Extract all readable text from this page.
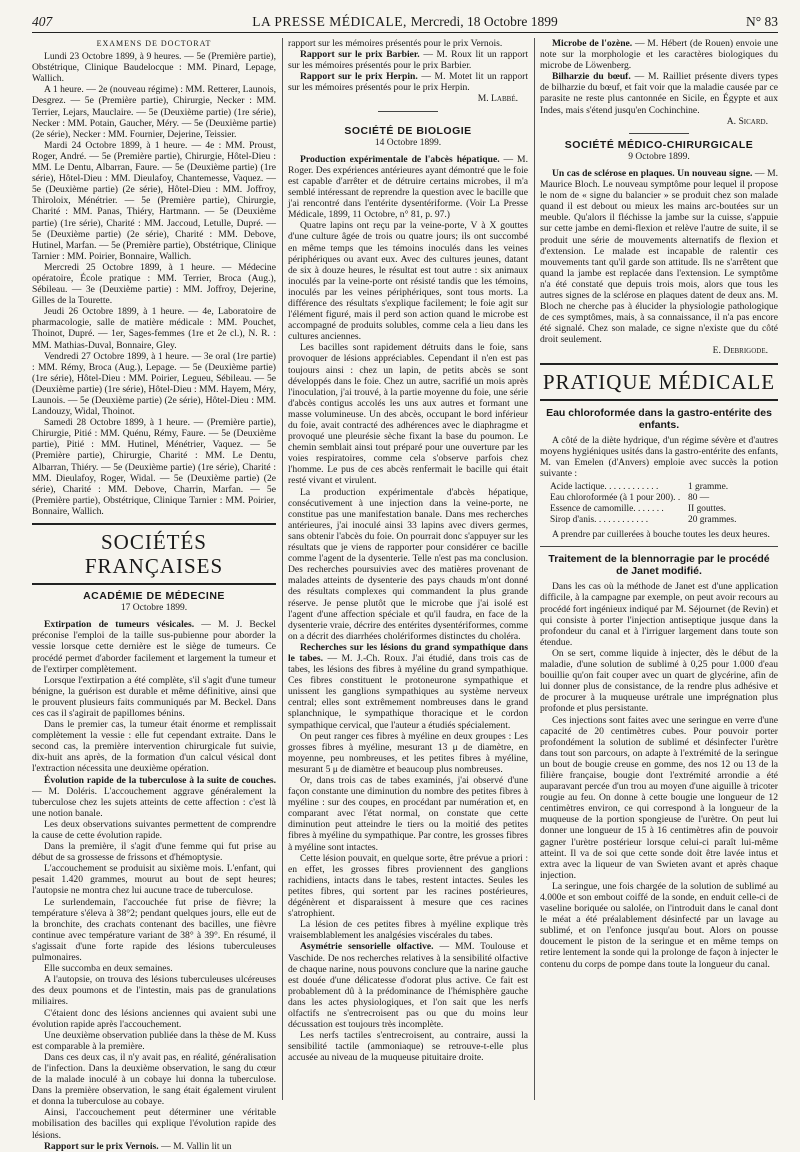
407	LA PRESSE MÉDICALE, Mercredi, 18 Octobre 1899	N° 83
EXAMENS DE DOCTORAT

Lundi 23 Octobre 1899, à 9 heures. — 5e (Première partie), Obstétrique, Clinique Baudelocque : MM. Pinard, Lepage, Wallich.

A 1 heure. — 2e (nouveau régime) : MM. Retterer, Launois, Desgrez. — 5e (Première partie), Chirurgie, Necker : MM. Terrier, Lejars, Mauclaire. — 5e (Deuxième partie) (1re série), Necker : MM. Potain, Gaucher, Méry. — 5e (Deuxième partie) (2e série), Necker : MM. Fournier, Dejerine, Teissier.

Mardi 24 Octobre 1899, à 1 heure. — 4e : MM. Proust, Roger, André. — 5e (Première partie), Chirurgie, Hôtel-Dieu : MM. Le Dentu, Albarran, Faure. — 5e (Deuxième partie) (1re série), Hôtel-Dieu : MM. Dieulafoy, Chantemesse, Vaquez. — 5e (Deuxième partie) (2e série), Hôtel-Dieu : MM. Joffroy, Thiroloix, Ménétrier. — 5e (Première partie), Chirurgie, Charité : MM. Panas, Thiéry, Hartmann. — 5e (Deuxième partie) (1re série), Charité : MM. Jaccoud, Letulle, Dupré. — 5e (Deuxième partie) (2e série), Charité : MM. Debove, Hutinel, Marfan. — 5e (Première partie), Obstétrique, Clinique Tarnier : MM. Poirier, Bonnaire, Wallich.

Mercredi 25 Octobre 1899, à 1 heure. — Médecine opératoire, École pratique : MM. Terrier, Broca (Aug.), Sébileau. — 3e (Deuxième partie) : MM. Joffroy, Dejerine, Gilles de la Tourette.

Jeudi 26 Octobre 1899, à 1 heure. — 4e, Laboratoire de pharmacologie, salle de matière médicale : MM. Pouchet, Thoinot, Dupré. — 1er, Sages-femmes (1re et 2e cl.), N. R. : MM. Mathias-Duval, Bonnaire, Gley.

Vendredi 27 Octobre 1899, à 1 heure. — 3e oral (1re partie) : MM. Rémy, Broca (Aug.), Lepage. — 5e (Deuxième partie) (1re série), Hôtel-Dieu : MM. Poirier, Legueu, Sébileau. — 5e (Deuxième partie) (1re série), Hôtel-Dieu : MM. Hayem, Méry, Launois. — 5e (Deuxième partie) (2e série), Hôtel-Dieu : MM. Landouzy, Widal, Thoinot.

Samedi 28 Octobre 1899, à 1 heure. — (Première partie), Chirurgie, Pitié : MM. Quénu, Rémy, Faure. — 5e (Deuxième partie), Pitié : MM. Hutinel, Ménétrier, Vaquez. — 5e (Première partie), Chirurgie, Charité : MM. Le Dentu, Albarran, Thiéry. — 5e (Deuxième partie) (1re série), Charité : MM. Dieulafoy, Roger, Widal. — 5e (Deuxième partie) (2e série), Charité : MM. Debove, Charrin, Marfan. — 5e (Première partie), Obstétrique, Clinique Tarnier : MM. Poirier, Bonnaire, Wallich.

SOCIÉTÉS FRANÇAISES
ACADÉMIE DE MÉDECINE
17 Octobre 1899.

Extirpation de tumeurs vésicales. — M. J. Beckel préconise l'emploi de la taille sus-pubienne pour aborder la vessie lorsque cette dernière est le siège de tumeurs. Ce procédé permet d'aborder facilement et largement la tumeur et de l'extirper complètement.

Lorsque l'extirpation a été complète, s'il s'agit d'une tumeur bénigne, la guérison est durable et même définitive, ainsi que le prouvent plusieurs faits communiqués par M. Beckel. Dans ces cas il s'agirait de papillomes bénins.

Dans le premier cas, la tumeur était énorme et remplissait complètement la vessie : elle fut cependant extraite. Dans le second cas, la première intervention chirurgicale fut suivie, dix-huit ans après, de la formation d'un calcul vésical dont l'extraction nécessita une deuxième opération.

Évolution rapide de la tuberculose à la suite de couches. — M. Doléris. L'accouchement aggrave généralement la tuberculose chez les sujets atteints de cette affection : c'est là une notion banale.

Les deux observations suivantes permettent de comprendre la cause de cette évolution rapide.

Dans la première, il s'agit d'une femme qui fut prise au début de sa grossesse de frissons et d'hémoptysie.

L'accouchement se produisit au sixième mois. L'enfant, qui pesait 1.420 grammes, mourut au bout de sept heures; l'autopsie ne montra chez lui aucune trace de tuberculose.

Le surlendemain, l'accouchée fut prise de fièvre; la température s'éleva à 38°2; pendant quelques jours, elle eut de la bronchite, des crachats contenant des bacilles, une fièvre continue avec température variant de 38° à 39°. En résumé, il s'agissait d'une forte rapide des lésions tuberculeuses pulmonaires.

Elle succomba en deux semaines.

A l'autopsie, on trouva des lésions tuberculeuses ulcéreuses des deux poumons et de l'intestin, mais pas de granulations miliaires.

C'étaient donc des lésions anciennes qui avaient subi une évolution rapide après l'accouchement.

Une deuxième observation publiée dans la thèse de M. Kuss est comparable à la première.

Dans ces deux cas, il n'y avait pas, en réalité, généralisation de l'infection. Dans la deuxième observation, le sang du cœur de la malade inoculé à un cobaye lui donna la tuberculose. Dans la première observation, le sang était également virulent et donna la tuberculose au cobaye.

Ainsi, l'accouchement peut déterminer une véritable mobilisation des bacilles qui explique l'évolution rapide des lésions.

Rapport sur le prix Vernois. — M. Vallin lit un

rapport sur les mémoires présentés pour le prix Vernois.

Rapport sur le prix Barbier. — M. Roux lit un rapport sur les mémoires présentés pour le prix Barbier.

Rapport sur le prix Herpin. — M. Motet lit un rapport sur les mémoires présentés pour le prix Herpin.

M. Labbé.
SOCIÉTÉ DE BIOLOGIE
14 Octobre 1899.

Production expérimentale de l'abcès hépatique. — M. Roger. Des expériences antérieures ayant démontré que le foie est capable d'arrêter et de détruire certains microbes, il m'a semblé intéressant de reprendre la question avec le bacille que j'ai rencontré dans l'entérite dysentériforme. (Voir La Presse Médicale, 1899, 11 Octobre, n° 81, p. 97.)

Quatre lapins ont reçu par la veine-porte, V à X gouttes d'une culture âgée de trois ou quatre jours; ils ont succombé en même temps que les témoins inoculés dans les veines périphériques ou avant eux. Avec des cultures jeunes, datant de six à douze heures, le résultat est tout autre : six animaux inoculés par la veine-porte ont résisté tandis que les témoins, inoculés par les veines périphériques, sont tous morts. La différence des résultats s'explique facilement; le foie agit sur l'élément figuré, mais il perd son action quand le microbe est accompagné de produits solubles, comme cela a lieu dans les cultures anciennes.

Les bacilles sont rapidement détruits dans le foie, sans provoquer de lésions appréciables. Cependant il n'en est pas toujours ainsi : chez un lapin, de petits abcès se sont développés dans le foie. Chez un autre, sacrifié un mois après l'inoculation, j'ai trouvé, à la partie moyenne du foie, une série d'abcès contigus accolés les uns aux autres et formant une masse volumineuse. Un des abcès, occupant le bord inférieur du foie, avait contracté des adhérences avec le diaphragme et provoqué une pleurésie sèche fixant la base du poumon. Le chemin semblait ainsi tout préparé pour une ouverture par les voies respiratoires, comme cela s'observe parfois chez l'homme. Le pus de ces abcès renfermait le bacille qui était resté vivant et virulent.

La production expérimentale d'abcès hépatique, consécutivement à une injection dans la veine-porte, ne constitue pas une manifestation banale. Dans mes recherches antérieures, j'ai inoculé ainsi 33 lapins avec divers germes, sans obtenir l'abcès du foie. On pourrait donc s'appuyer sur les résultats que je viens de rapporter pour considérer ce bacille comme l'agent de la dysenterie. Telle n'est pas ma conclusion. Des recherches poursuivies avec des matières provenant de malades atteints de dysenterie des pays chauds m'ont donné des résultats complexes qui commandent la plus grande réserve. Je pense plutôt que le microbe que j'ai isolé est l'agent d'une affection spéciale et qu'il faudra, en face de la dysenterie vraie, décrire des entérites dysentériformes, comme on a décrit des diarrhées cholériformes distinctes du choléra.

Recherches sur les lésions du grand sympathique dans le tabes. — M. J.-Ch. Roux. J'ai étudié, dans trois cas de tabes, les lésions des fibres à myéline du grand sympathique. Ces fibres constituent le protoneurone sympathique et unissent les ganglions sympathiques au système nerveux central; elles sont extrêmement nombreuses dans le grand splanchnique, le sympathique thoracique et le cordon sympathique cervical, que l'auteur a étudiés spécialement.

On peut ranger ces fibres à myéline en deux groupes : Les grosses fibres à myéline, mesurant 13 μ de diamètre, en moyenne, peu nombreuses, et les petites fibres à myéline, mesurant 5 μ de diamètre et beaucoup plus nombreuses.

Or, dans trois cas de tabes examinés, j'ai observé d'une façon constante une diminution du nombre des petites fibres à myéline : sur des coupes, en procédant par numération et, en comparant avec l'état normal, on constate que cette diminution peut atteindre le tiers ou la moitié des petites fibres à myéline du sympathique. Par contre, les grosses fibres à myéline sont intactes.

Cette lésion pouvait, en quelque sorte, être prévue a priori : en effet, les grosses fibres proviennent des ganglions rachidiens, intacts dans le tabes, restent intactes. Seules les petites fibres, qui sortent par les racines postérieures, dégénèrent et disparaissent à mesure que ces racines s'atrophient.

La lésion de ces petites fibres à myéline explique très vraisemblablement les analgésies viscérales du tabes.

Asymétrie sensorielle olfactive. — MM. Toulouse et Vaschide. De nos recherches relatives à la sensibilité olfactive de chaque narine, nous pouvons conclure que la narine gauche est douée d'une délicatesse d'odorat plus active. Ce fait est probablement dû à la prédominance de l'hémisphère gauche dans les actes physiologiques, et l'on sait que les nerfs olfactifs ne s'entrecroisent pas ou que du moins leur décussation est toujours très incomplète.

Les nerfs tactiles s'entrecroisent, au contraire, aussi la sensibilité tactile (ammoniaque) se retrouve-t-elle plus accusée au niveau de la muqueuse pituitaire droite.

Microbe de l'ozène. — M. Hébert (de Rouen) envoie une note sur la morphologie et les caractères biologiques du microbe de Löwenberg.

Bilharzie du bœuf. — M. Railliet présente divers types de bilharzie du bœuf, et fait voir que la maladie causée par ce parasite ne reste plus cantonnée en Sicile, en Égypte et aux Indes, mais s'étend jusqu'en Cochinchine.

A. Sicard.
SOCIÉTÉ MÉDICO-CHIRURGICALE
9 Octobre 1899.

Un cas de sclérose en plaques. Un nouveau signe. — M. Maurice Bloch. Le nouveau symptôme pour lequel il propose le nom de « signe du balancier » se produit chez son malade quand il est debout ou mieux les mains arc-boutées sur un meuble. Qu'alors il fléchisse la jambe sur la cuisse, s'appuie sur cette jambe en demi-flexion et relève l'autre de suite, il se produit une série de mouvements alternatifs de flexion et d'extension. Le malade est incapable de ralentir ces mouvements tant qu'il garde son attitude. Ils ne s'arrêtent que quand la jambe est replacée dans l'extension. Le symptôme n'a été constaté que depuis trois mois, alors que tous les autres signes de la sclérose en plaques datent de deux ans. M. Bloch ne cherche pas à élucider la physiologie pathologique de ces symptômes, mais, à sa connaissance, il n'a pas encore été signalé. Chez son malade, ce signe n'existe que du côté droit seulement.

E. Debrigode.
PRATIQUE MÉDICALE
Eau chloroformée dans la gastro-entérite des enfants.

A côté de la diète hydrique, d'un régime sévère et d'autres moyens hygiéniques usités dans la gastro-entérite des enfants, M. van Emelen (d'Anvers) emploie avec succès la potion suivante :

Acide lactique. . . . . . . . . . . .	1 gramme.
Eau chloroformée (à 1 pour 200). . 80 —
Essence de camomille. . . . . . .	II gouttes.
Sirop d'anis. . . . . . . . . . . .	20 grammes.

A prendre par cuillerées à bouche toutes les deux heures.

Traitement de la blennorragie par le procédé de Janet modifié.

Dans les cas où la méthode de Janet est d'une application difficile, à la campagne par exemple, on peut avoir recours au procédé fort ingénieux indiqué par M. Séjournet (de Revin) et qui consiste à porter l'injection antiseptique jusque dans la profondeur du canal et à l'irriguer largement dans toute son étendue.

On se sert, comme liquide à injecter, dès le début de la maladie, d'une solution de sublimé à 0,25 pour 1.000 d'eau bouillie qu'on fait couper avec un quart de glycérine, afin de lui donner plus de consistance, de la rendre plus adhésive et de procurer à la muqueuse urétrale une imprégnation plus profonde et plus persistante.

Ces injections sont faites avec une seringue en verre d'une capacité de 20 centimètres cubes. Pour pouvoir porter profondément la solution de sublimé et désinfecter l'urètre dans tout son parcours, on adapte à l'extrémité de la seringue un bout de bougie creuse en gomme, des nos 12 ou 13 de la filière française, bougie dont l'extrémité arrondie a été auparavant percée d'un trou au moyen d'une aiguille à tricoter rougie au feu. On donne à cette bougie une longueur de 12 centimètres environ, ce qui correspond à la longueur de la muqueuse de la portion spongieuse de l'urètre. On peut lui donner une longueur de 15 à 16 centimètres afin de pouvoir gagner l'urètre postérieur lorsque celui-ci paraît lui-même atteint. Il va de soi que cette sonde doit être lavée intus et extra avec la liqueur de van Swieten avant et après chaque injection.

La seringue, une fois chargée de la solution de sublimé au 4.000e et son embout coiffé de la sonde, en enduit celle-ci de vaseline boriquée ou salolée, on l'introduit dans le canal dont le méat a été préalablement désinfecté par un lavage au sublimé, et on l'enfonce jusqu'au bout. Alors on pousse doucement le piston de la seringue et en même temps on retire lentement la sonde qui la prolonge de façon à injecter le contenu du corps de pompe dans toute la longueur du canal.
